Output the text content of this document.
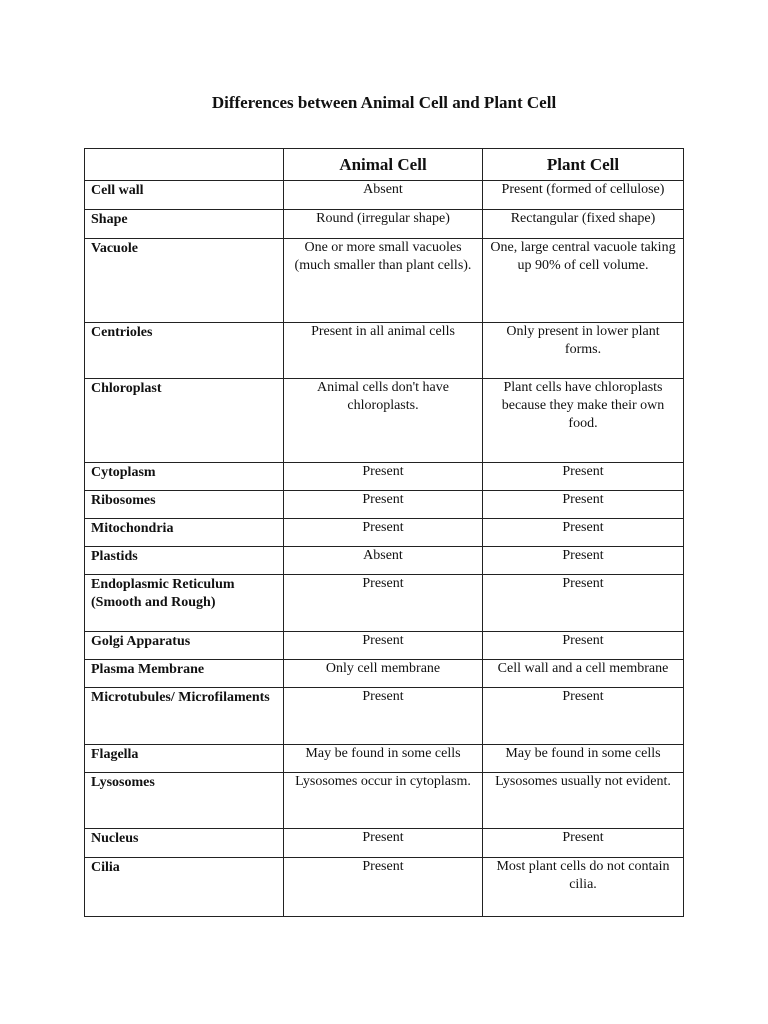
Differences between Animal Cell and Plant Cell
	Animal Cell	Plant Cell
Cell wall	Absent	Present (formed of cellulose)
Shape	Round (irregular shape)	Rectangular (fixed shape)
Vacuole	One or more small vacuoles (much smaller than plant cells).	One, large central vacuole taking up 90% of cell volume.
Centrioles	Present in all animal cells	Only present in lower plant forms.
Chloroplast	Animal cells don't have chloroplasts.	Plant cells have chloroplasts because they make their own food.
Cytoplasm	Present	Present
Ribosomes	Present	Present
Mitochondria	Present	Present
Plastids	Absent	Present
Endoplasmic Reticulum (Smooth and Rough)	Present	Present
Golgi Apparatus	Present	Present
Plasma Membrane	Only cell membrane	Cell wall and a cell membrane
Microtubules/ Microfilaments	Present	Present
Flagella	May be found in some cells	May be found in some cells
Lysosomes	Lysosomes occur in cytoplasm.	Lysosomes usually not evident.
Nucleus	Present	Present
Cilia	Present	Most plant cells do not contain cilia.
